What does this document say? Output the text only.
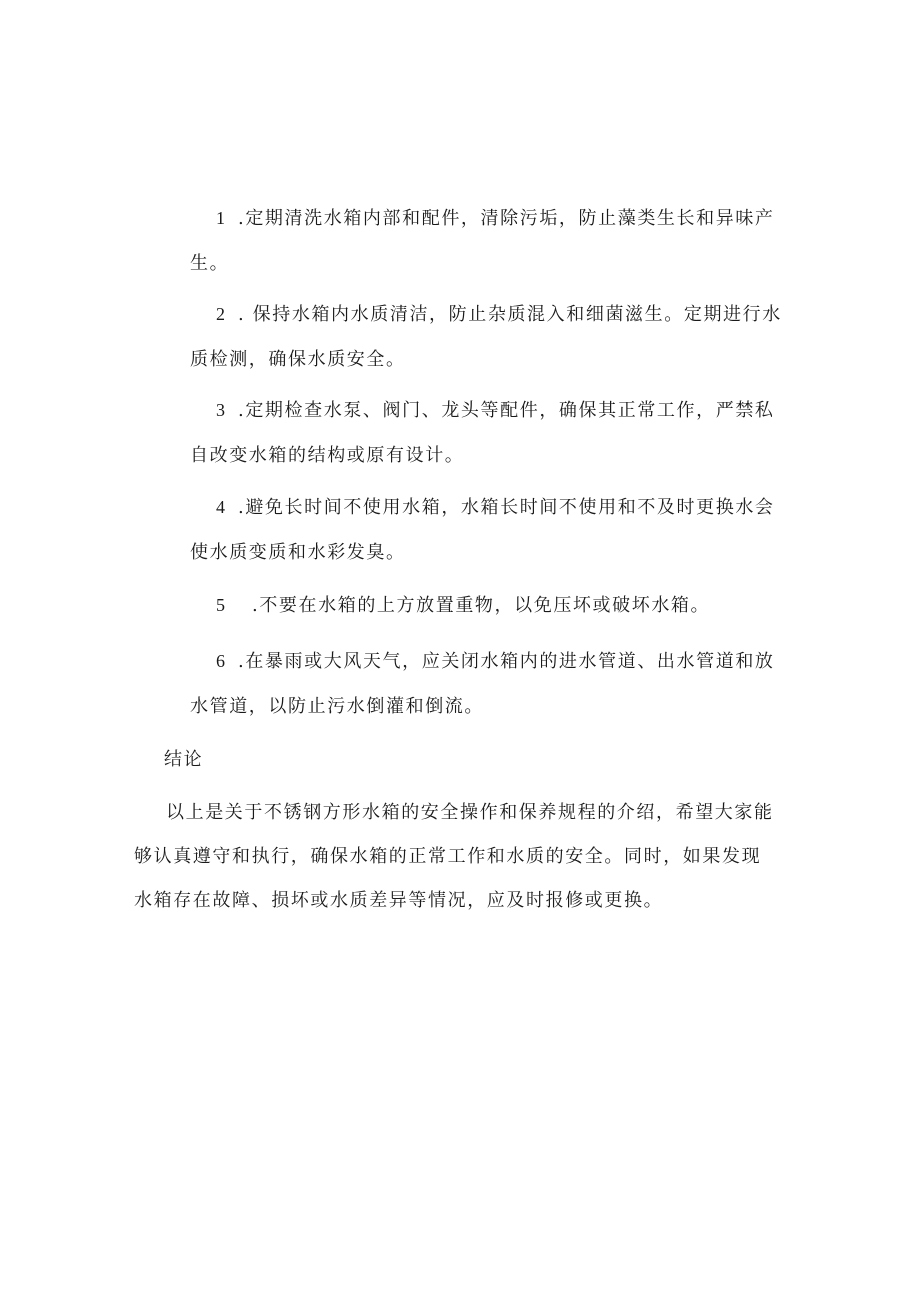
1 .定期清洗水箱内部和配件，清除污垢，防止藻类生长和异味产
生。
2 . 保持水箱内水质清洁，防止杂质混入和细菌滋生。定期进行水
质检测，确保水质安全。
3 .定期检查水泵、阀门、龙头等配件，确保其正常工作，严禁私
自改变水箱的结构或原有设计。
4 .避免长时间不使用水箱，水箱长时间不使用和不及时更换水会
使水质变质和水彩发臭。
5 .不要在水箱的上方放置重物，以免压坏或破坏水箱。
6 .在暴雨或大风天气，应关闭水箱内的进水管道、出水管道和放
水管道，以防止污水倒灌和倒流。
结论
以上是关于不锈钢方形水箱的安全操作和保养规程的介绍，希望大家能
够认真遵守和执行，确保水箱的正常工作和水质的安全。同时，如果发现
水箱存在故障、损坏或水质差异等情况，应及时报修或更换。
